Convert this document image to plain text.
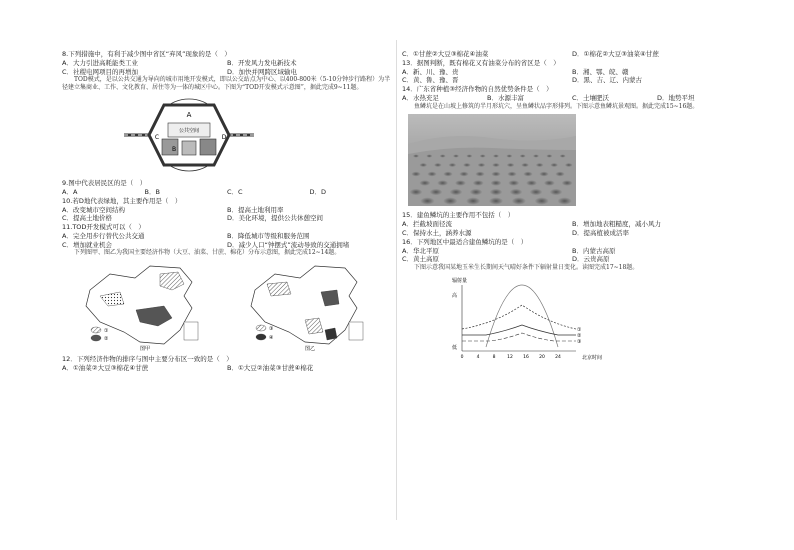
8.下列措施中，有利于减少图中省区“弃风”现象的是（　）

A．大力引进高耗能类工业	B．开发风力发电新技术
C．社稷电网项目的再增加	D．加快并网跨区域输电

TOD模式，是以公共交通为导向的城市用地开发模式，即以公交站点为中心、以400-800米（5-10分钟步行路程）为半径建立集商业、工作、文化教育、居住等为一体的城区中心。下图为“TOD开发模式示意图”，据此完成9~11题。

A
公共空间
B
C	D

9.图中代表居民区的是（　）

A．A	B．B	C．C	D．D

10.若D地代表绿地，其主要作用是（　）

A．改变城市空间结构	B．提高土地利用率
C．提高土地价格	D．美化环境，提供公共休憩空间

11.TOD开发模式可以（　）

A．完全用步行替代公共交通	B．降低城市等级和服务范围
C．增加就业机会	D．减少人口“钟摆式”流动导致的交通拥堵

下列图甲、图乙为我国主要经济作物（大豆、油菜、甘蔗、棉花）分布示意图，据此完成12~14题。

①
②
图甲
③
④
图乙

12．下列经济作物的排序与图中主要分布区一致的是（　）

A．①油菜②大豆③棉花④甘蔗	B．①大豆②油菜③甘蔗④棉花
C．①甘蔗②大豆③棉花④油菜	D．①棉花②大豆③油菜④甘蔗

13．据图判断，既有棉花又有油菜分布的省区是（　）

A．新、川、豫、贵	B．湘、鄂、皖、赣
C．黄、鲁、豫、晋	D．黑、吉、辽、内蒙古

14．广东省种植③经济作物的自然优势条件是（　）

A．水热充足	B．水源丰富	C．土壤肥沃	D．地势平坦

鱼鳞坑是在山坡上修筑的半月形坑穴，呈鱼鳞状品字形排列。下图示意鱼鳞坑景观图。据此完成15~16题。

15．建鱼鳞坑的主要作用不包括（　）

A．拦截坡面径流	B．增加地表粗糙度，减小风力
C．保持水土，涵养水源	D．提高植被成活率

16．下列地区中最适合建鱼鳞坑的是（　）

A．华北平原	B．内蒙古高原
C．黄土高原	D．云贵高原

下图示意我国某地玉米生长期间天气晴好条件下辐射量日变化。读图完成17~18题。

辐射量
高
低
①
②
③
0	4	8	12 16 20 24	北京时间
